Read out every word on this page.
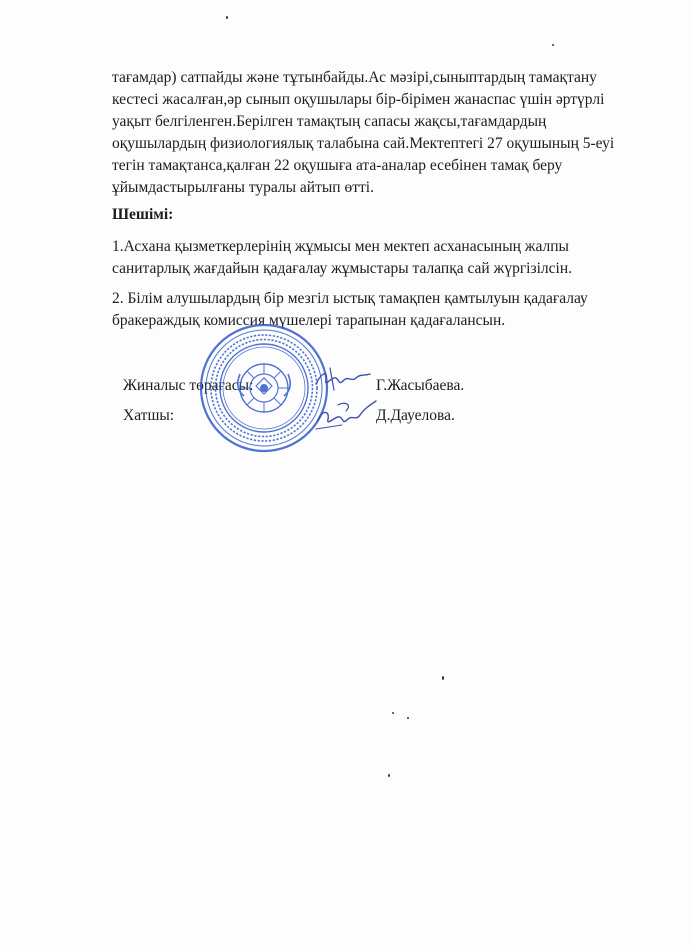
тағамдар) сатпайды және тұтынбайды.Ас мәзірі,сыныптардың тамақтану кестесі жасалған,әр сынып оқушылары бір-бірімен жанаспас үшін әртүрлі уақыт белгіленген.Берілген тамақтың сапасы жақсы,тағамдардың оқушылардың физиологиялық талабына сай.Мектептегі 27 оқушының 5-еуі тегін тамақтанса,қалған 22 оқушыға ата-аналар есебінен тамақ беру ұйымдастырылғаны туралы айтып өтті.

Шешімі:

1.Асхана қызметкерлерінің жұмысы мен мектеп асханасының жалпы санитарлық жағдайын қадағалау жұмыстары талапқа сай жүргізілсін.

2. Білім алушылардың бір мезгіл ыстық тамақпен қамтылуын қадағалау бракераждық комиссия мүшелері тарапынан қадағалансын.

Жиналыс төрағасы:	Г.Жасыбаева.
Хатшы:	Д.Дауелова.
